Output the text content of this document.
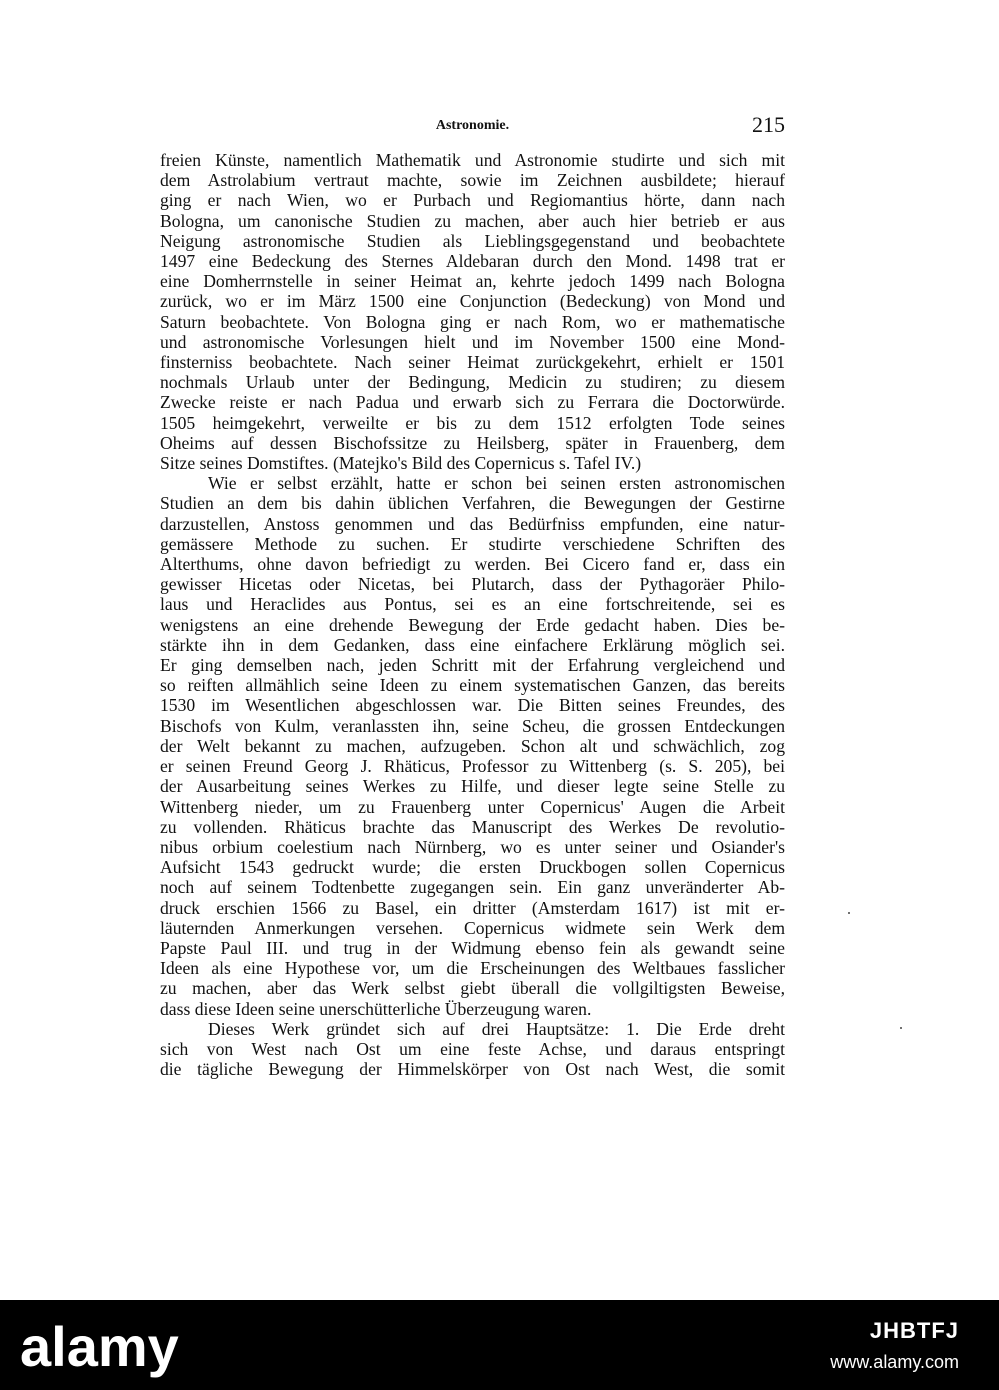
Astronomie.	215
freien Künste, namentlich Mathematik und Astronomie studirte und sich mit
dem Astrolabium vertraut machte, sowie im Zeichnen ausbildete; hierauf
ging er nach Wien, wo er Purbach und Regiomantius hörte, dann nach
Bologna, um canonische Studien zu machen, aber auch hier betrieb er aus
Neigung astronomische Studien als Lieblingsgegenstand und beobachtete
1497 eine Bedeckung des Sternes Aldebaran durch den Mond. 1498 trat er
eine Domherrnstelle in seiner Heimat an, kehrte jedoch 1499 nach Bologna
zurück, wo er im März 1500 eine Conjunction (Bedeckung) von Mond und
Saturn beobachtete. Von Bologna ging er nach Rom, wo er mathematische
und astronomische Vorlesungen hielt und im November 1500 eine Mond-
finsterniss beobachtete. Nach seiner Heimat zurückgekehrt, erhielt er 1501
nochmals Urlaub unter der Bedingung, Medicin zu studiren; zu diesem
Zwecke reiste er nach Padua und erwarb sich zu Ferrara die Doctorwürde.
1505 heimgekehrt, verweilte er bis zu dem 1512 erfolgten Tode seines
Oheims auf dessen Bischofssitze zu Heilsberg, später in Frauenberg, dem
Sitze seines Domstiftes. (Matejko's Bild des Copernicus s. Tafel IV.)
Wie er selbst erzählt, hatte er schon bei seinen ersten astronomischen
Studien an dem bis dahin üblichen Verfahren, die Bewegungen der Gestirne
darzustellen, Anstoss genommen und das Bedürfniss empfunden, eine natur-
gemässere Methode zu suchen. Er studirte verschiedene Schriften des
Alterthums, ohne davon befriedigt zu werden. Bei Cicero fand er, dass ein
gewisser Hicetas oder Nicetas, bei Plutarch, dass der Pythagoräer Philo-
laus und Heraclides aus Pontus, sei es an eine fortschreitende, sei es
wenigstens an eine drehende Bewegung der Erde gedacht haben. Dies be-
stärkte ihn in dem Gedanken, dass eine einfachere Erklärung möglich sei.
Er ging demselben nach, jeden Schritt mit der Erfahrung vergleichend und
so reiften allmählich seine Ideen zu einem systematischen Ganzen, das bereits
1530 im Wesentlichen abgeschlossen war. Die Bitten seines Freundes, des
Bischofs von Kulm, veranlassten ihn, seine Scheu, die grossen Entdeckungen
der Welt bekannt zu machen, aufzugeben. Schon alt und schwächlich, zog
er seinen Freund Georg J. Rhäticus, Professor zu Wittenberg (s. S. 205), bei
der Ausarbeitung seines Werkes zu Hilfe, und dieser legte seine Stelle zu
Wittenberg nieder, um zu Frauenberg unter Copernicus' Augen die Arbeit
zu vollenden. Rhäticus brachte das Manuscript des Werkes De revolutio-
nibus orbium coelestium nach Nürnberg, wo es unter seiner und Osiander's
Aufsicht 1543 gedruckt wurde; die ersten Druckbogen sollen Copernicus
noch auf seinem Todtenbette zugegangen sein. Ein ganz unveränderter Ab-
druck erschien 1566 zu Basel, ein dritter (Amsterdam 1617) ist mit er-
läuternden Anmerkungen versehen. Copernicus widmete sein Werk dem
Papste Paul III. und trug in der Widmung ebenso fein als gewandt seine
Ideen als eine Hypothese vor, um die Erscheinungen des Weltbaues fasslicher
zu machen, aber das Werk selbst giebt überall die vollgiltigsten Beweise,
dass diese Ideen seine unerschütterliche Überzeugung waren.
Dieses Werk gründet sich auf drei Hauptsätze: 1. Die Erde dreht
sich von West nach Ost um eine feste Achse, und daraus entspringt
die tägliche Bewegung der Himmelskörper von Ost nach West, die somit
alamy	JHBTFJ
www.alamy.com
